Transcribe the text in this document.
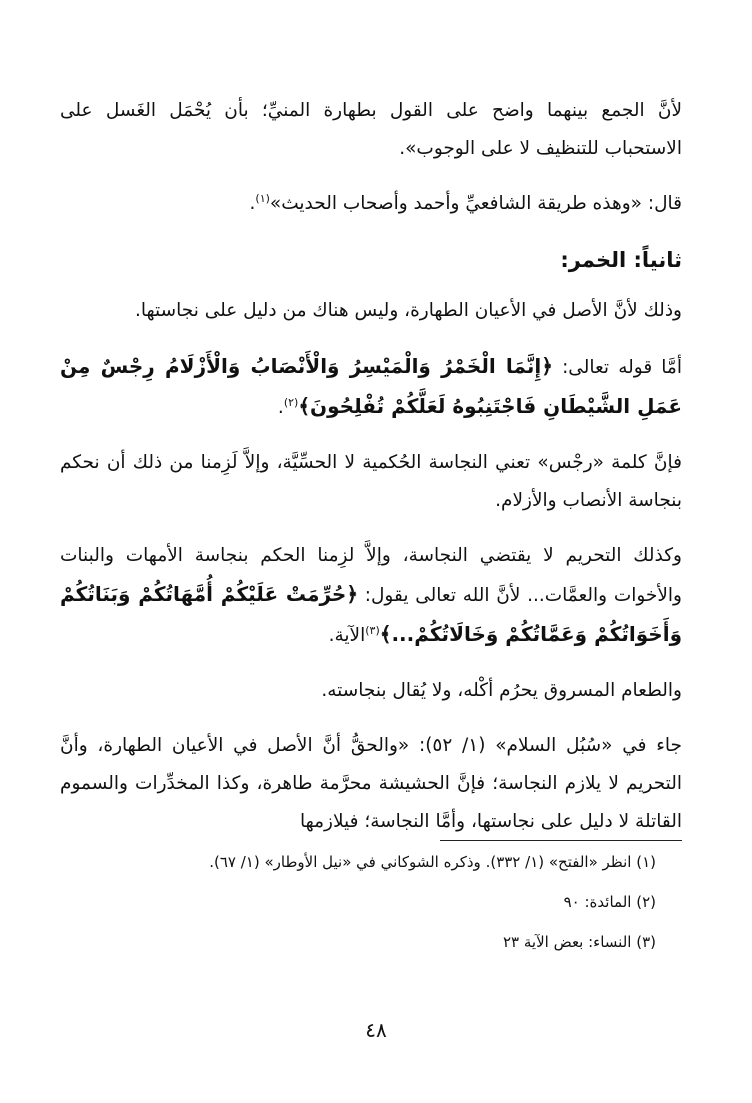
لأنَّ الجمع بينهما واضح على القول بطهارة المنيِّ؛ بأن يُحْمَل الغَسل على الاستحباب للتنظيف لا على الوجوب».

قال: «وهذه طريقة الشافعيِّ وأحمد وأصحاب الحديث»$^{(١)}$.

ثانياً: الخمر:

وذلك لأنَّ الأصل في الأعيان الطهارة، وليس هناك من دليل على نجاستها.

أمَّا قوله تعالى: ﴿إِنَّمَا الْخَمْرُ وَالْمَيْسِرُ وَالْأَنْصَابُ وَالْأَزْلَامُ رِجْسٌ مِنْ عَمَلِ الشَّيْطَانِ فَاجْتَنِبُوهُ لَعَلَّكُمْ تُفْلِحُونَ﴾$^{(٢)}$.

فإنَّ كلمة «رجْس» تعني النجاسة الحُكمية لا الحسِّيَّة، وإلاَّ لَزِمنا من ذلك أن نحكم بنجاسة الأنصاب والأزلام.

وكذلك التحريم لا يقتضي النجاسة، وإلاَّ لزِمنا الحكم بنجاسة الأمهات والبنات والأخوات والعمَّات... لأنَّ الله تعالى يقول: ﴿حُرِّمَتْ عَلَيْكُمْ أُمَّهَاتُكُمْ وَبَنَاتُكُمْ وَأَخَوَاتُكُمْ وَعَمَّاتُكُمْ وَخَالَاتُكُمْ...﴾$^{(٣)}$الآية.

والطعام المسروق يحرُم أكْله، ولا يُقال بنجاسته.

جاء في «سُبُل السلام» (١/ ٥٢): «والحقُّ أنَّ الأصل في الأعيان الطهارة، وأنَّ التحريم لا يلازم النجاسة؛ فإنَّ الحشيشة محرَّمة طاهرة، وكذا المخدِّرات والسموم القاتلة لا دليل على نجاستها، وأمَّا النجاسة؛ فيلازمها

(١) انظر «الفتح» (١/ ٣٣٢). وذكره الشوكاني في «نيل الأوطار» (١/ ٦٧).

(٢) المائدة: ٩٠

(٣) النساء: بعض الآية ٢٣

٤٨
